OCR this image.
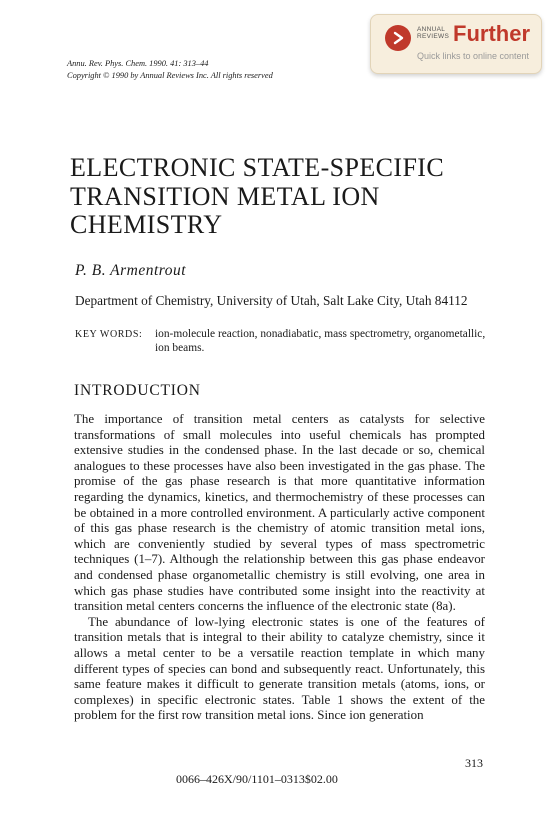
ANNUAL REVIEWS Further
Quick links to online content
Annu. Rev. Phys. Chem. 1990. 41: 313–44
Copyright © 1990 by Annual Reviews Inc. All rights reserved
ELECTRONIC STATE-SPECIFIC
TRANSITION METAL ION
CHEMISTRY
P. B. Armentrout
Department of Chemistry, University of Utah, Salt Lake City, Utah 84112
KEY WORDS: ion-molecule reaction, nonadiabatic, mass spectrometry, organometallic, ion beams.
INTRODUCTION

The importance of transition metal centers as catalysts for selective transformations of small molecules into useful chemicals has prompted extensive studies in the condensed phase. In the last decade or so, chemical analogues to these processes have also been investigated in the gas phase. The promise of the gas phase research is that more quantitative information regarding the dynamics, kinetics, and thermochemistry of these processes can be obtained in a more controlled environment. A particularly active component of this gas phase research is the chemistry of atomic transition metal ions, which are conveniently studied by several types of mass spectrometric techniques (1–7). Although the relationship between this gas phase endeavor and condensed phase organometallic chemistry is still evolving, one area in which gas phase studies have contributed some insight into the reactivity at transition metal centers concerns the influence of the electronic state (8a).

The abundance of low-lying electronic states is one of the features of transition metals that is integral to their ability to catalyze chemistry, since it allows a metal center to be a versatile reaction template in which many different types of species can bond and subsequently react. Unfortunately, this same feature makes it difficult to generate transition metals (atoms, ions, or complexes) in specific electronic states. Table 1 shows the extent of the problem for the first row transition metal ions. Since ion generation

313
0066–426X/90/1101–0313$02.00
